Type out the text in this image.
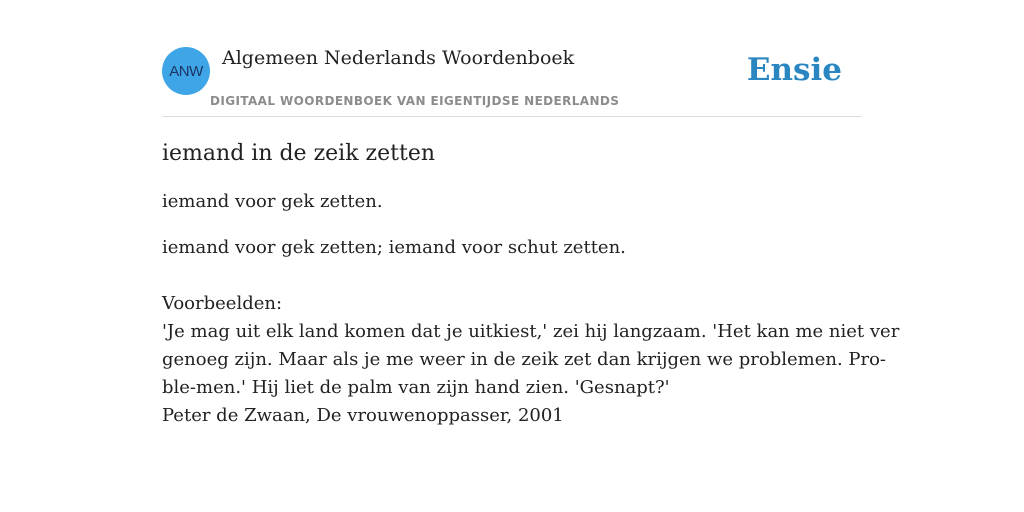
ANW
Algemeen Nederlands Woordenboek
DIGITAAL WOORDENBOEK VAN EIGENTIJDSE NEDERLANDS
Ensie
iemand in de zeik zetten

iemand voor gek zetten.

iemand voor gek zetten; iemand voor schut zetten.

Voorbeelden:
'Je mag uit elk land komen dat je uitkiest,' zei hij langzaam. 'Het kan me niet ver
genoeg zijn. Maar als je me weer in de zeik zet dan krijgen we problemen. Pro-
ble-men.' Hij liet de palm van zijn hand zien. 'Gesnapt?'
Peter de Zwaan, De vrouwenoppasser, 2001
